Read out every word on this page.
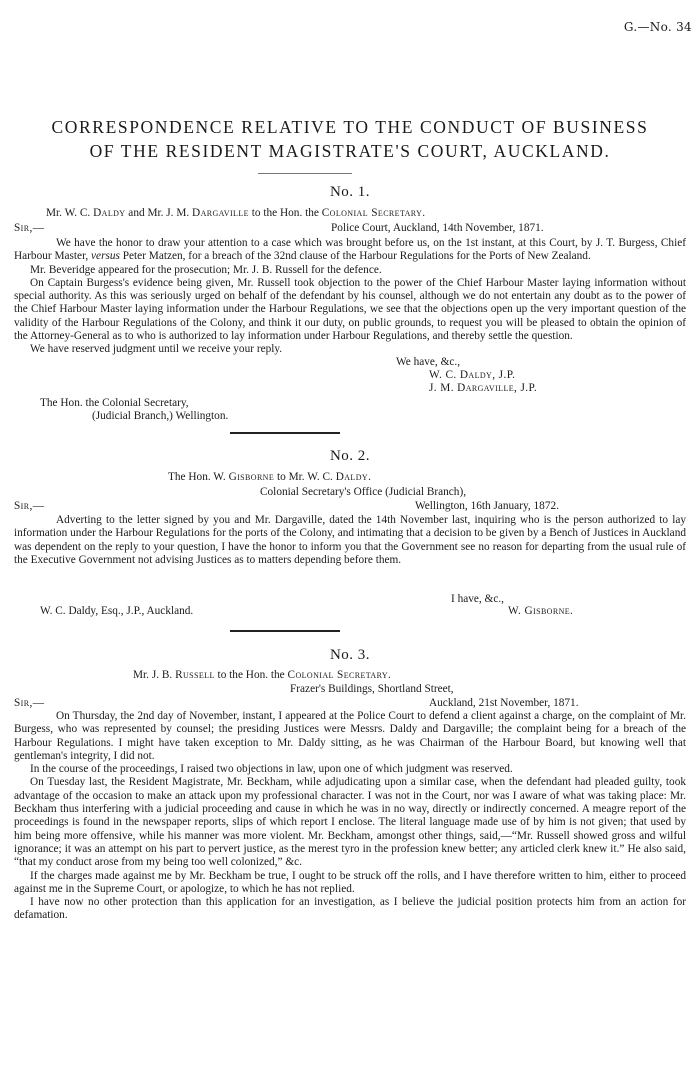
G.—No. 34
CORRESPONDENCE RELATIVE TO THE CONDUCT OF BUSINESS
OF THE RESIDENT MAGISTRATE'S COURT, AUCKLAND.
No. 1.
Mr. W. C. Daldy and Mr. J. M. Dargaville to the Hon. the Colonial Secretary.
Sir,—	Police Court, Auckland, 14th November, 1871.

We have the honor to draw your attention to a case which was brought before us, on the 1st instant, at this Court, by J. T. Burgess, Chief Harbour Master, versus Peter Matzen, for a breach of the 32nd clause of the Harbour Regulations for the Ports of New Zealand.

Mr. Beveridge appeared for the prosecution; Mr. J. B. Russell for the defence.

On Captain Burgess's evidence being given, Mr. Russell took objection to the power of the Chief Harbour Master laying information without special authority. As this was seriously urged on behalf of the defendant by his counsel, although we do not entertain any doubt as to the power of the Chief Harbour Master laying information under the Harbour Regulations, we see that the objections open up the very important question of the validity of the Harbour Regulations of the Colony, and think it our duty, on public grounds, to request you will be pleased to obtain the opinion of the Attorney-General as to who is authorized to lay information under Harbour Regulations, and thereby settle the question.

We have reserved judgment until we receive your reply.

We have, &c.,
W. C. Daldy, J.P.
J. M. Dargaville, J.P.
The Hon. the Colonial Secretary,
(Judicial Branch,) Wellington.
No. 2.
The Hon. W. Gisborne to Mr. W. C. Daldy.
Colonial Secretary's Office (Judicial Branch),
Sir,—	Wellington, 16th January, 1872.

Adverting to the letter signed by you and Mr. Dargaville, dated the 14th November last, inquiring who is the person authorized to lay information under the Harbour Regulations for the ports of the Colony, and intimating that a decision to be given by a Bench of Justices in Auckland was dependent on the reply to your question, I have the honor to inform you that the Government see no reason for departing from the usual rule of the Executive Government not advising Justices as to matters depending before them.

I have, &c.,
W. C. Daldy, Esq., J.P., Auckland.	W. Gisborne.
No. 3.
Mr. J. B. Russell to the Hon. the Colonial Secretary.
Frazer's Buildings, Shortland Street,
Sir,—	Auckland, 21st November, 1871.

On Thursday, the 2nd day of November, instant, I appeared at the Police Court to defend a client against a charge, on the complaint of Mr. Burgess, who was represented by counsel; the presiding Justices were Messrs. Daldy and Dargaville; the complaint being for a breach of the Harbour Regulations. I might have taken exception to Mr. Daldy sitting, as he was Chairman of the Harbour Board, but knowing well that gentleman's integrity, I did not.

In the course of the proceedings, I raised two objections in law, upon one of which judgment was reserved.

On Tuesday last, the Resident Magistrate, Mr. Beckham, while adjudicating upon a similar case, when the defendant had pleaded guilty, took advantage of the occasion to make an attack upon my professional character. I was not in the Court, nor was I aware of what was taking place: Mr. Beckham thus interfering with a judicial proceeding and cause in which he was in no way, directly or indirectly concerned. A meagre report of the proceedings is found in the newspaper reports, slips of which report I enclose. The literal language made use of by him is not given; that used by him being more offensive, while his manner was more violent. Mr. Beckham, amongst other things, said,—“Mr. Russell showed gross and wilful ignorance; it was an attempt on his part to pervert justice, as the merest tyro in the profession knew better; any articled clerk knew it.” He also said, “that my conduct arose from my being too well colonized,” &c.

If the charges made against me by Mr. Beckham be true, I ought to be struck off the rolls, and I have therefore written to him, either to proceed against me in the Supreme Court, or apologize, to which he has not replied.

I have now no other protection than this application for an investigation, as I believe the judicial position protects him from an action for defamation.
